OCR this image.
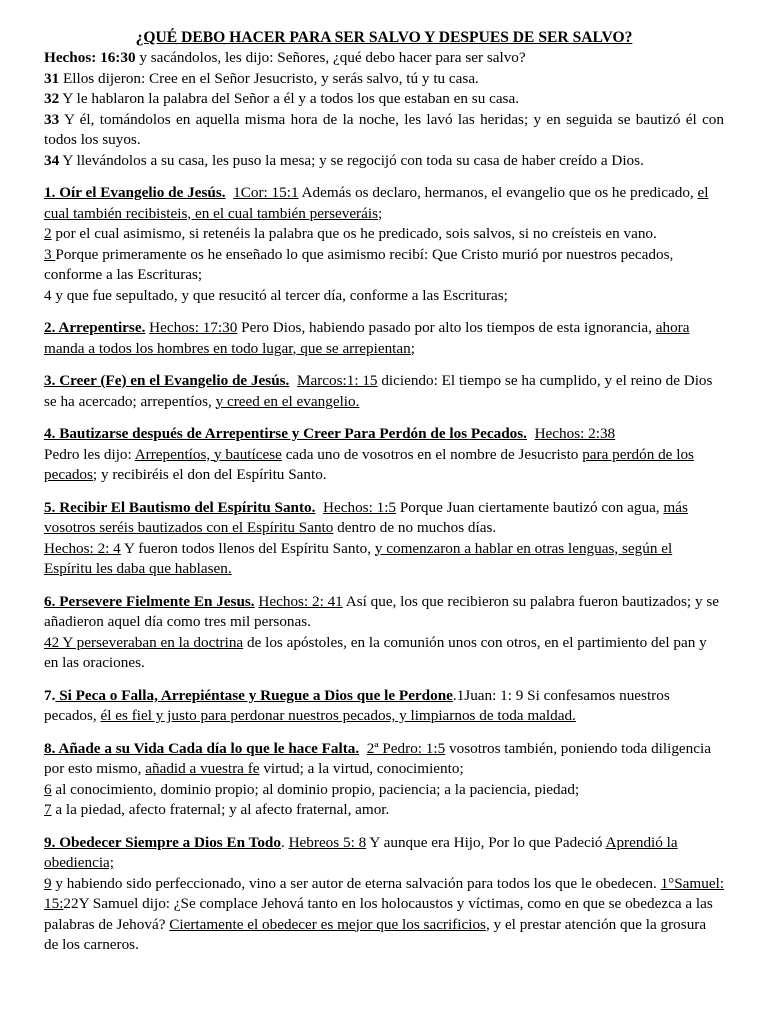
¿QUÉ DEBO HACER PARA SER SALVO Y DESPUES DE SER SALVO?

Hechos: 16:30 y sacándolos, les dijo: Señores, ¿qué debo hacer para ser salvo?

31 Ellos dijeron: Cree en el Señor Jesucristo, y serás salvo, tú y tu casa.

32 Y le hablaron la palabra del Señor a él y a todos los que estaban en su casa.

33 Y él, tomándolos en aquella misma hora de la noche, les lavó las heridas; y en seguida se bautizó él con todos los suyos.

34 Y llevándolos a su casa, les puso la mesa; y se regocijó con toda su casa de haber creído a Dios.

1. Oír el Evangelio de Jesús. 1Cor: 15:1 Además os declaro, hermanos, el evangelio que os he predicado, el cual también recibisteis, en el cual también perseveráis;

2 por el cual asimismo, si retenéis la palabra que os he predicado, sois salvos, si no creísteis en vano.

3 Porque primeramente os he enseñado lo que asimismo recibí: Que Cristo murió por nuestros pecados, conforme a las Escrituras;

4 y que fue sepultado, y que resucitó al tercer día, conforme a las Escrituras;

2. Arrepentirse. Hechos: 17:30 Pero Dios, habiendo pasado por alto los tiempos de esta ignorancia, ahora manda a todos los hombres en todo lugar, que se arrepientan;

3. Creer (Fe) en el Evangelio de Jesús. Marcos:1: 15 diciendo: El tiempo se ha cumplido, y el reino de Dios se ha acercado; arrepentíos, y creed en el evangelio.

4. Bautizarse después de Arrepentirse y Creer Para Perdón de los Pecados. Hechos: 2:38

Pedro les dijo: Arrepentíos, y bautícese cada uno de vosotros en el nombre de Jesucristo para perdón de los pecados; y recibiréis el don del Espíritu Santo.

5. Recibir El Bautismo del Espíritu Santo. Hechos: 1:5 Porque Juan ciertamente bautizó con agua, más vosotros seréis bautizados con el Espíritu Santo dentro de no muchos días.

Hechos: 2: 4 Y fueron todos llenos del Espíritu Santo, y comenzaron a hablar en otras lenguas, según el Espíritu les daba que hablasen.

6. Persevere Fielmente En Jesus. Hechos: 2: 41 Así que, los que recibieron su palabra fueron bautizados; y se añadieron aquel día como tres mil personas.

42 Y perseveraban en la doctrina de los apóstoles, en la comunión unos con otros, en el partimiento del pan y en las oraciones.

7. Si Peca o Falla, Arrepiéntase y Ruegue a Dios que le Perdone.1Juan: 1: 9 Si confesamos nuestros pecados, él es fiel y justo para perdonar nuestros pecados, y limpiarnos de toda maldad.

8. Añade a su Vida Cada día lo que le hace Falta. 2ª Pedro: 1:5 vosotros también, poniendo toda diligencia por esto mismo, añadid a vuestra fe virtud; a la virtud, conocimiento;

6 al conocimiento, dominio propio; al dominio propio, paciencia; a la paciencia, piedad;

7 a la piedad, afecto fraternal; y al afecto fraternal, amor.

9. Obedecer Siempre a Dios En Todo. Hebreos 5: 8 Y aunque era Hijo, Por lo que Padeció Aprendió la obediencia;

9 y habiendo sido perfeccionado, vino a ser autor de eterna salvación para todos los que le obedecen. 1°Samuel: 15:22Y Samuel dijo: ¿Se complace Jehová tanto en los holocaustos y víctimas, como en que se obedezca a las palabras de Jehová? Ciertamente el obedecer es mejor que los sacrificios, y el prestar atención que la grosura de los carneros.
